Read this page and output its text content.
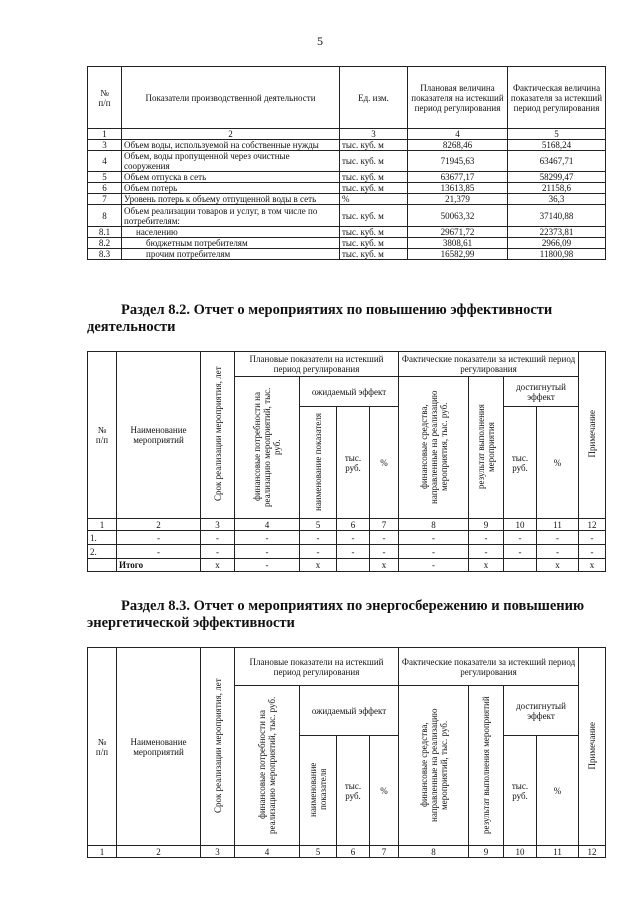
5
№
п/п	Показатели производственной деятельности	Ед. изм.	Плановая величина показателя на истекший период регулирования	Фактическая величина показателя за истекший период регулирования
1	2	3	4	5
3	Объем воды, используемой на собственные нужды	тыс. куб. м	8268,46	5168,24
4	Объем, воды пропущенной через очистные сооружения	тыс. куб. м	71945,63	63467,71
5	Объем отпуска в сеть	тыс. куб. м	63677,17	58299,47
6	Объем потерь	тыс. куб. м	13613,85	21158,6
7	Уровень потерь к объему отпущенной воды в сеть	%	21,379	36,3
8	Объем реализации товаров и услуг, в том числе по потребителям:	тыс. куб. м	50063,32	37140,88
8.1	населению	тыс. куб. м	29671,72	22373,81
8.2	бюджетным потребителям	тыс. куб. м	3808,61	2966,09
8.3	прочим потребителям	тыс. куб. м	16582,99	11800,98
Раздел 8.2. Отчет о мероприятиях по повышению эффективности деятельности
№
п/п	Наименование мероприятий	Срок реализации мероприятия, лет	Плановые показатели на истекший период регулирования				Фактические показатели за истекший период регулирования				Примечание
			финансовые потребности на реализацию мероприятий, тыс. руб.	ожидаемый эффект			финансовые средства, направленные на реализацию мероприятия, тыс. руб.	результат выполнения мероприятия	достигнутый эффект		
				наименование показателя	тыс. руб.	%			тыс. руб.	%	
1	2	3	4	5	6	7	8	9	10	11	12
1.	-	-	-	-	-	-	-	-	-	-	-
2.	-	-	-	-	-	-	-	-	-	-	-
	Итого	x	-	x		x	-	x		x	x
Раздел 8.3. Отчет о мероприятиях по энергосбережению и повышению энергетической эффективности
№
п/п	Наименование мероприятий	Срок реализации мероприятия, лет	Плановые показатели на истекший период регулирования				Фактические показатели за истекший период регулирования				Примечание
			финансовые потребности на реализацию мероприятий, тыс. руб.	ожидаемый эффект			финансовые средства, направленные на реализацию мероприятий, тыс. руб.	результат выполнения мероприятий	достигнутый эффект		
				наименование показателя	тыс. руб.	%			тыс. руб.	%	
1	2	3	4	5	6	7	8	9	10	11	12
